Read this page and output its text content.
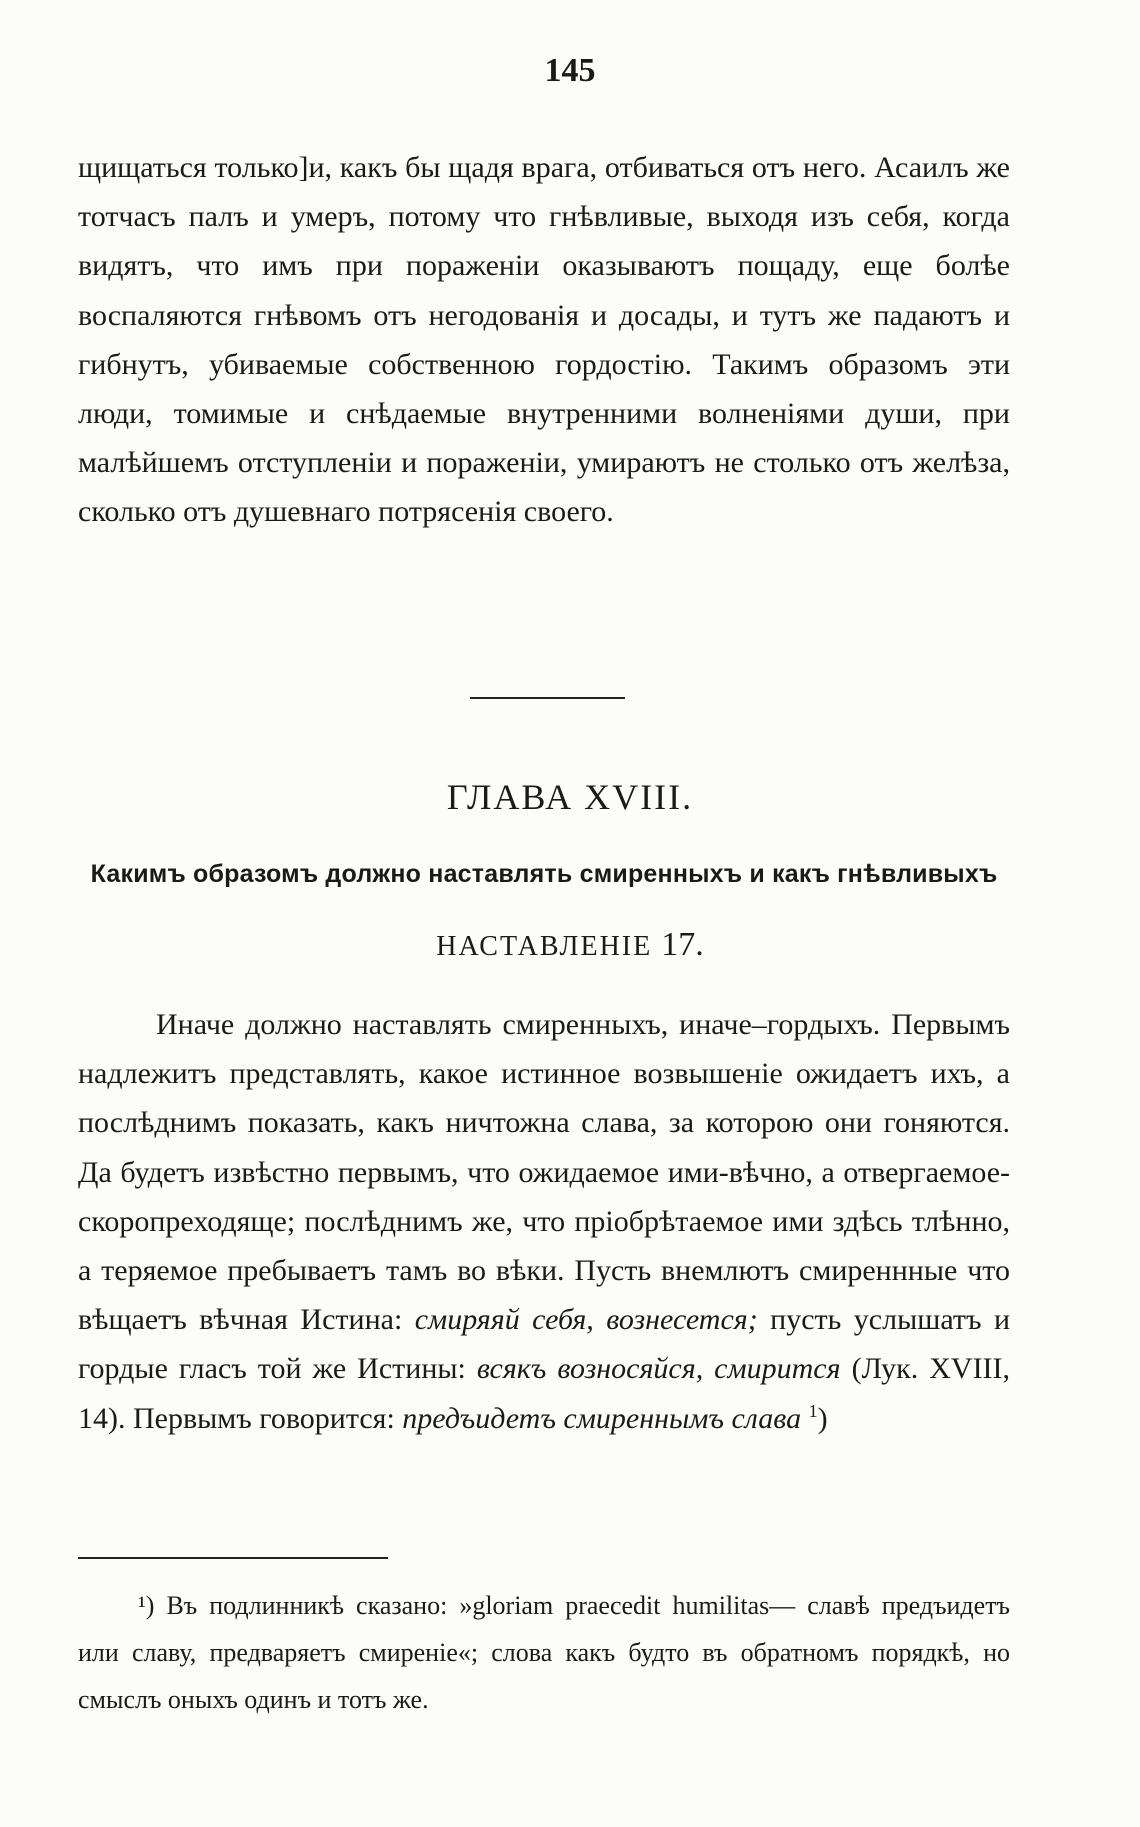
145

щищаться только]и, какъ бы щадя врага, отбиваться отъ него. Асаилъ же тотчасъ палъ и умеръ, потому что гнѣвливые, выходя изъ себя, когда видятъ, что имъ при пораженіи оказываютъ пощаду, еще болѣе воспаляются гнѣвомъ отъ негодованія и досады, и тутъ же падаютъ и гибнутъ, убиваемые собственною гордостію. Такимъ образомъ эти люди, томимые и снѣдаемые внутренними волненіями души, при малѣйшемъ отступленіи и пораженіи, умираютъ не столько отъ желѣза, сколько отъ душевнаго потрясенія своего.

ГЛАВА XVIII.
Какимъ образомъ должно наставлять смиренныхъ и какъ гнѣвливыхъ
НАСТАВЛЕНІЕ 17.

Иначе должно наставлять смиренныхъ, иначе–гордыхъ. Первымъ надлежитъ представлять, какое истинное возвышеніе ожидаетъ ихъ, а послѣднимъ показать, какъ ничтожна слава, за которою они гоняются. Да будетъ извѣстно первымъ, что ожидаемое ими-вѣчно, а отвергаемое-скоропреходяще; послѣднимъ же, что пріобрѣтаемое ими здѣсь тлѣнно, а теряемое пребываетъ тамъ во вѣки. Пусть внемлютъ смиреннные что вѣщаетъ вѣчная Истина: смиряяй себя, вознесется; пусть услышатъ и гордые гласъ той же Истины: всякъ возносяйся, смирится (Лук. XVIII, 14). Первымъ говорится: предъидетъ смиреннымъ слава $^1$)

¹) Въ подлинникѣ сказано: »gloriam praecedit humilitas— славѣ предъидетъ или славу, предваряетъ смиреніе«; слова какъ будто въ обратномъ порядкѣ, но смыслъ оныхъ одинъ и тотъ же.
